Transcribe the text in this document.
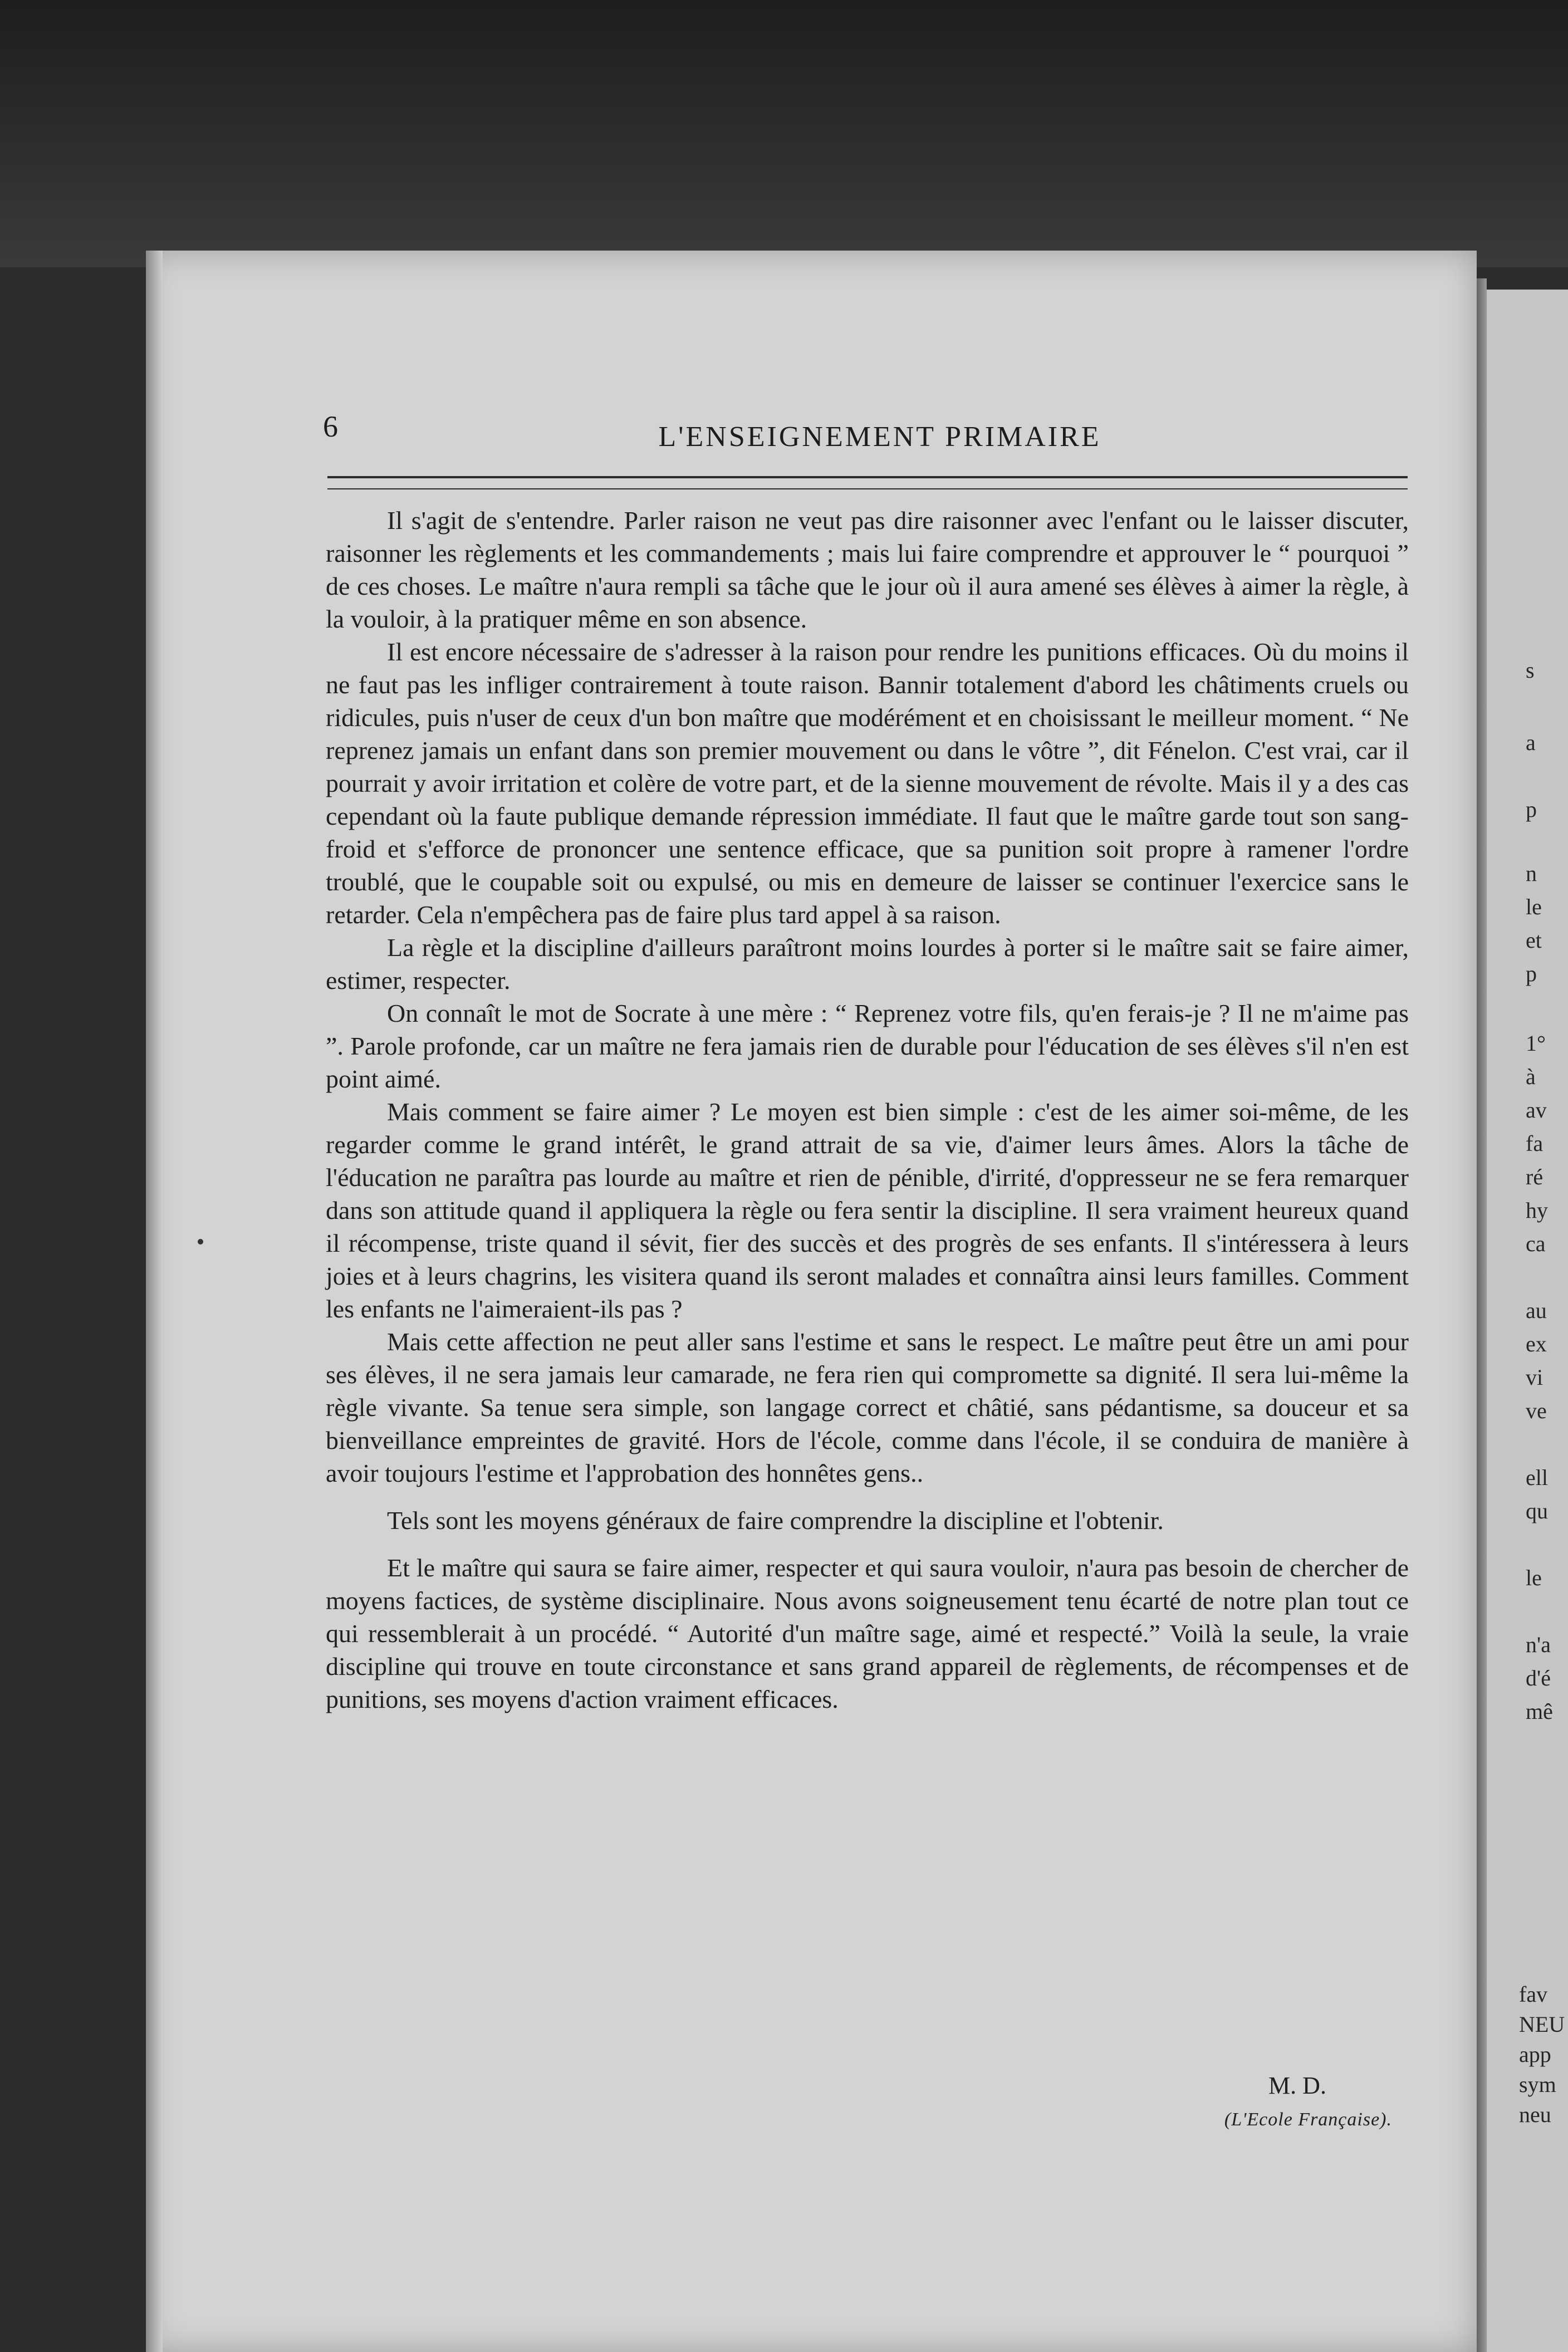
6	L'ENSEIGNEMENT PRIMAIRE

Il s'agit de s'entendre. Parler raison ne veut pas dire raisonner avec l'enfant ou le laisser discuter, raisonner les règlements et les commandements ; mais lui faire comprendre et approuver le “ pourquoi ” de ces choses. Le maître n'aura rempli sa tâche que le jour où il aura amené ses élèves à aimer la règle, à la vouloir, à la pratiquer même en son absence.

Il est encore nécessaire de s'adresser à la raison pour rendre les punitions efficaces. Où du moins il ne faut pas les infliger contrairement à toute raison. Bannir totalement d'abord les châtiments cruels ou ridicules, puis n'user de ceux d'un bon maître que modérément et en choisissant le meilleur moment. “ Ne reprenez jamais un enfant dans son premier mouvement ou dans le vôtre ”, dit Fénelon. C'est vrai, car il pourrait y avoir irritation et colère de votre part, et de la sienne mouvement de révolte. Mais il y a des cas cependant où la faute publique demande répression immédiate. Il faut que le maître garde tout son sang-froid et s'efforce de prononcer une sentence efficace, que sa punition soit propre à ramener l'ordre troublé, que le coupable soit ou expulsé, ou mis en demeure de laisser se continuer l'exercice sans le retarder. Cela n'empêchera pas de faire plus tard appel à sa raison.

La règle et la discipline d'ailleurs paraîtront moins lourdes à porter si le maître sait se faire aimer, estimer, respecter.

On connaît le mot de Socrate à une mère : “ Reprenez votre fils, qu'en ferais-je ? Il ne m'aime pas ”. Parole profonde, car un maître ne fera jamais rien de durable pour l'éducation de ses élèves s'il n'en est point aimé.

Mais comment se faire aimer ? Le moyen est bien simple : c'est de les aimer soi-même, de les regarder comme le grand intérêt, le grand attrait de sa vie, d'aimer leurs âmes. Alors la tâche de l'éducation ne paraîtra pas lourde au maître et rien de pénible, d'irrité, d'oppresseur ne se fera remarquer dans son attitude quand il appliquera la règle ou fera sentir la discipline. Il sera vraiment heureux quand il récompense, triste quand il sévit, fier des succès et des progrès de ses enfants. Il s'intéressera à leurs joies et à leurs chagrins, les visitera quand ils seront malades et connaîtra ainsi leurs familles. Comment les enfants ne l'aimeraient-ils pas ?

Mais cette affection ne peut aller sans l'estime et sans le respect. Le maître peut être un ami pour ses élèves, il ne sera jamais leur camarade, ne fera rien qui compromette sa dignité. Il sera lui-même la règle vivante. Sa tenue sera simple, son langage correct et châtié, sans pédantisme, sa douceur et sa bienveillance empreintes de gravité. Hors de l'école, comme dans l'école, il se conduira de manière à avoir toujours l'estime et l'approbation des honnêtes gens..

Tels sont les moyens généraux de faire comprendre la discipline et l'obtenir.

Et le maître qui saura se faire aimer, respecter et qui saura vouloir, n'aura pas besoin de chercher de moyens factices, de système disciplinaire. Nous avons soigneusement tenu écarté de notre plan tout ce qui ressemblerait à un procédé. “ Autorité d'un maître sage, aimé et respecté.” Voilà la seule, la vraie discipline qui trouve en toute circonstance et sans grand appareil de règlements, de récompenses et de punitions, ses moyens d'action vraiment efficaces.

M. D.
(L'Ecole Française).
s
a
p
n
le
et
p
1°
à
av
fa
ré
hy
ca
au
ex
vi
ve
ell
qu
le
n'a
d'é
mê
fav
NEU
app
sym
neu
